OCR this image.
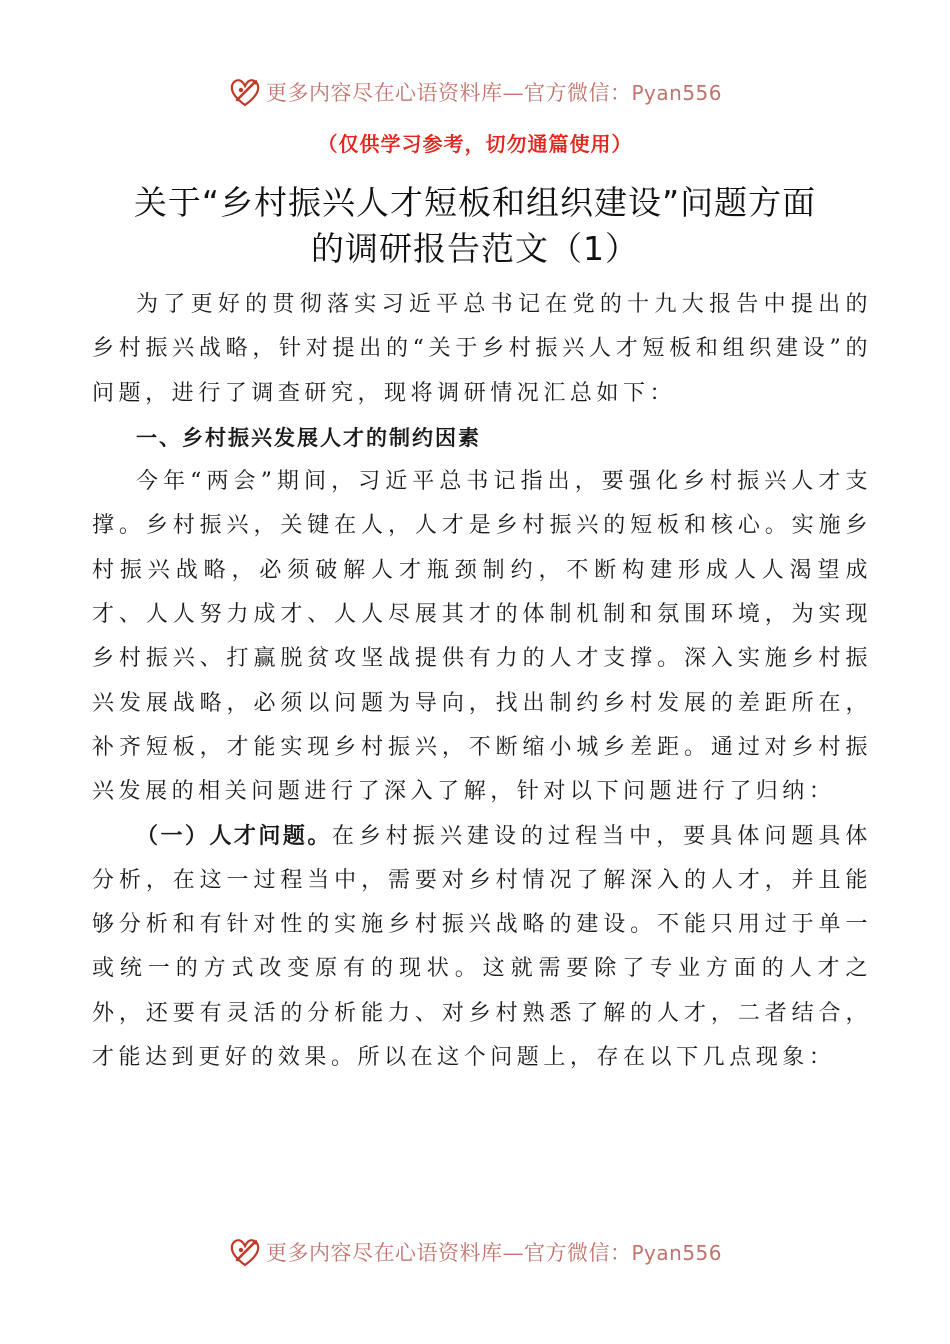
更多内容尽在心语资料库—官方微信：Pyan556
（仅供学习参考，切勿通篇使用）
关于“乡村振兴人才短板和组织建设”问题方面
的调研报告范文（1）

为了更好的贯彻落实习近平总书记在党的十九大报告中提出的乡村振兴战略，针对提出的“关于乡村振兴人才短板和组织建设”的问题，进行了调查研究，现将调研情况汇总如下：

一、乡村振兴发展人才的制约因素

今年“两会”期间，习近平总书记指出，要强化乡村振兴人才支撑。乡村振兴，关键在人，人才是乡村振兴的短板和核心。实施乡村振兴战略，必须破解人才瓶颈制约，不断构建形成人人渴望成才、人人努力成才、人人尽展其才的体制机制和氛围环境，为实现乡村振兴、打赢脱贫攻坚战提供有力的人才支撑。深入实施乡村振兴发展战略，必须以问题为导向，找出制约乡村发展的差距所在，补齐短板，才能实现乡村振兴，不断缩小城乡差距。通过对乡村振兴发展的相关问题进行了深入了解，针对以下问题进行了归纳：

（一）人才问题。在乡村振兴建设的过程当中，要具体问题具体分析，在这一过程当中，需要对乡村情况了解深入的人才，并且能够分析和有针对性的实施乡村振兴战略的建设。不能只用过于单一或统一的方式改变原有的现状。这就需要除了专业方面的人才之外，还要有灵活的分析能力、对乡村熟悉了解的人才，二者结合，才能达到更好的效果。所以在这个问题上，存在以下几点现象：

更多内容尽在心语资料库—官方微信：Pyan556
